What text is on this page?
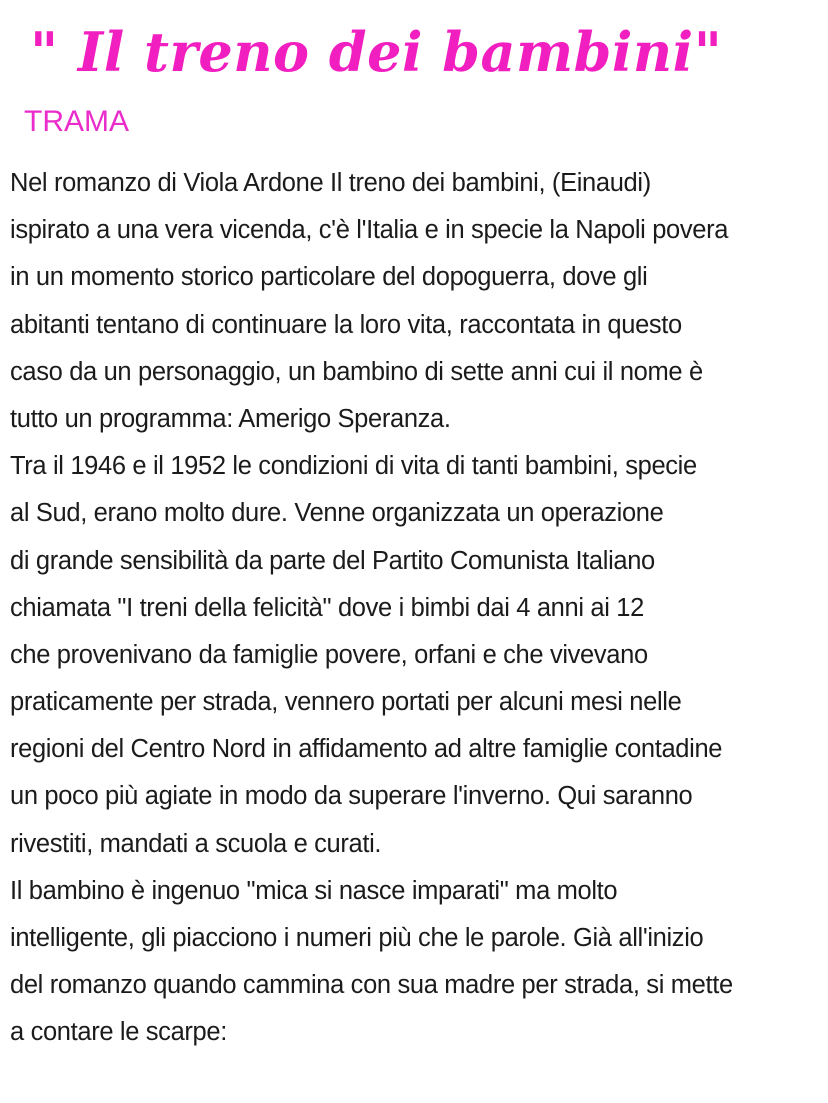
" Il treno dei bambini"
TRAMA
Nel romanzo di Viola Ardone Il treno dei bambini, (Einaudi)
ispirato a una vera vicenda, c'è l'Italia e in specie la Napoli povera
in un momento storico particolare del dopoguerra, dove gli
abitanti tentano di continuare la loro vita, raccontata in questo
caso da un personaggio, un bambino di sette anni cui il nome è
tutto un programma: Amerigo Speranza.
Tra il 1946 e il 1952 le condizioni di vita di tanti bambini, specie
al Sud, erano molto dure. Venne organizzata un operazione
di grande sensibilità da parte del Partito Comunista Italiano
chiamata "I treni della felicità" dove i bimbi dai 4 anni ai 12
che provenivano da famiglie povere, orfani e che vivevano
praticamente per strada, vennero portati per alcuni mesi nelle
regioni del Centro Nord in affidamento ad altre famiglie contadine
un poco più agiate in modo da superare l'inverno. Qui saranno
rivestiti, mandati a scuola e curati.
Il bambino è ingenuo "mica si nasce imparati" ma molto
intelligente, gli piacciono i numeri più che le parole. Già all'inizio
del romanzo quando cammina con sua madre per strada, si mette
a contare le scarpe:
